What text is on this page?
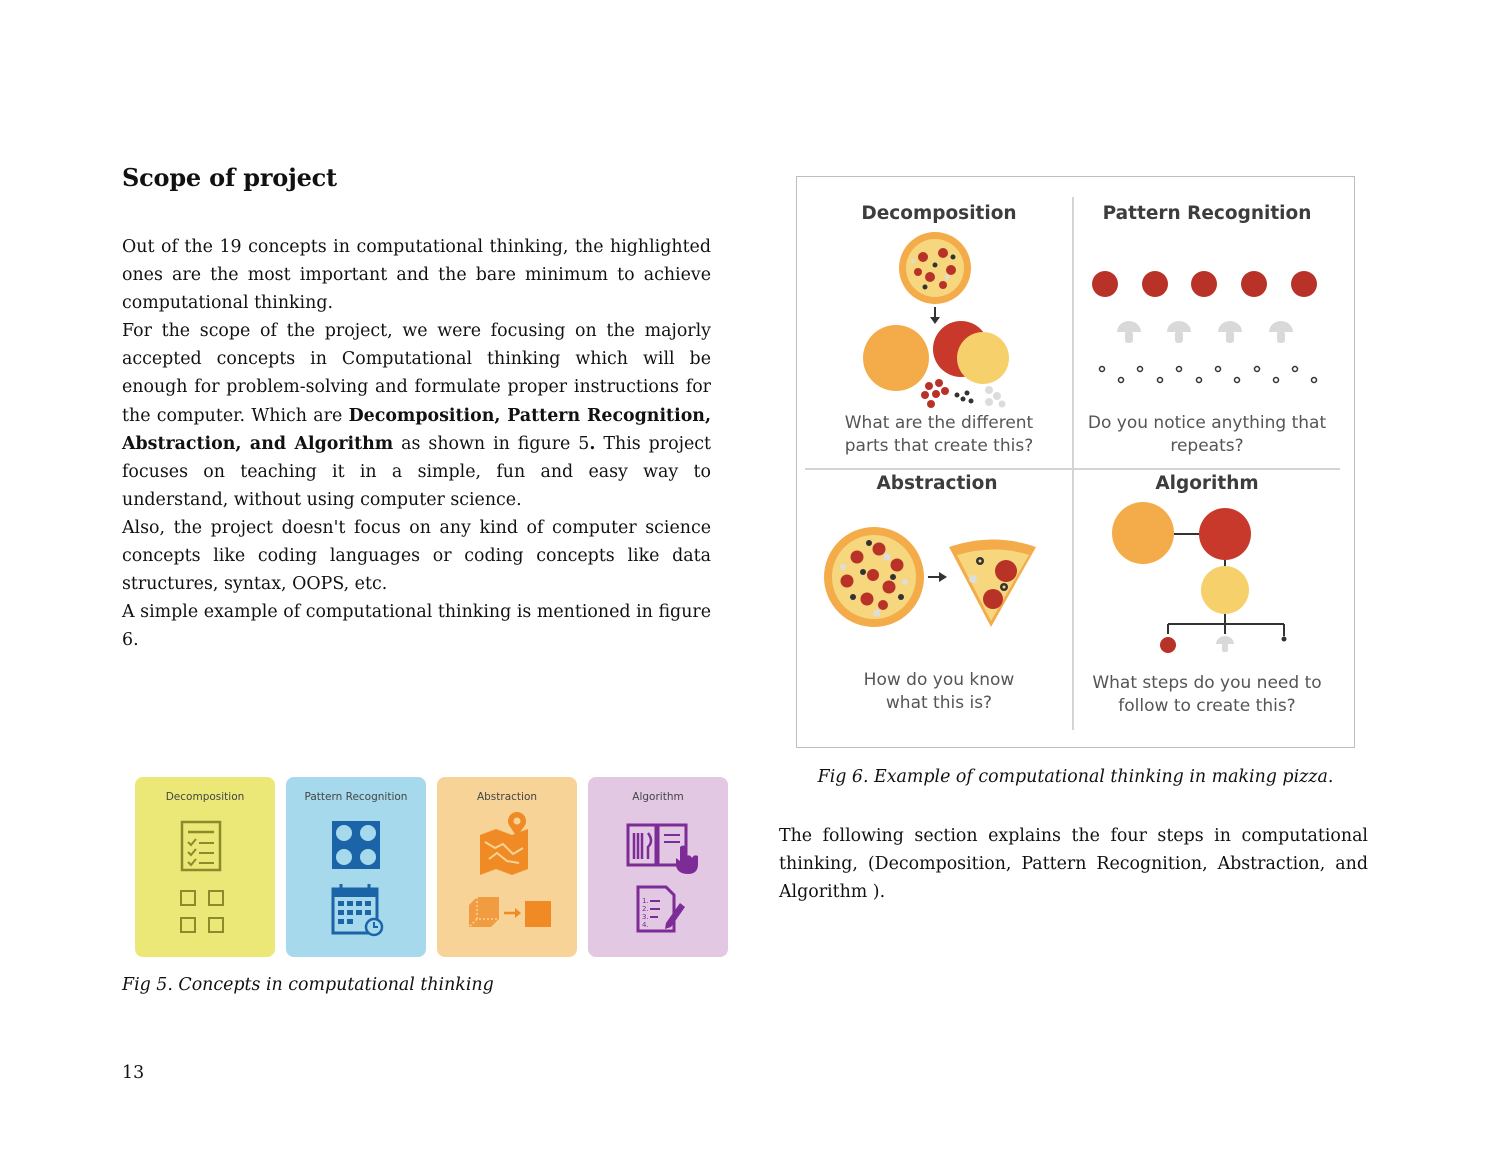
Scope of project

Out of the 19 concepts in computational thinking, the highlighted ones are the most important and the bare minimum to achieve computational thinking.

For the scope of the project, we were focusing on the majorly accepted concepts in Computational thinking which will be enough for problem-solving and formulate proper instructions for the computer. Which are Decomposition, Pattern Recognition, Abstraction, and Algorithm as shown in figure 5. This project focuses on teaching it in a simple, fun and easy way to understand, without using computer science.

Also, the project doesn't focus on any kind of computer science concepts like coding languages or coding concepts like data structures, syntax, OOPS, etc.

A simple example of computational thinking is mentioned in figure 6.

Decomposition	Pattern Recognition	Abstraction	Algorithm
1.
2.
3.
4.
Fig 5. Concepts in computational thinking
13
Decomposition
What are the different parts that create this?
Pattern Recognition
Do you notice anything that repeats?
Abstraction
How do you know what this is?
Algorithm
What steps do you need to follow to create this?
Fig 6. Example of computational thinking in making pizza.

The following section explains the four steps in computational thinking, (Decomposition, Pattern Recognition, Abstraction, and Algorithm ).
